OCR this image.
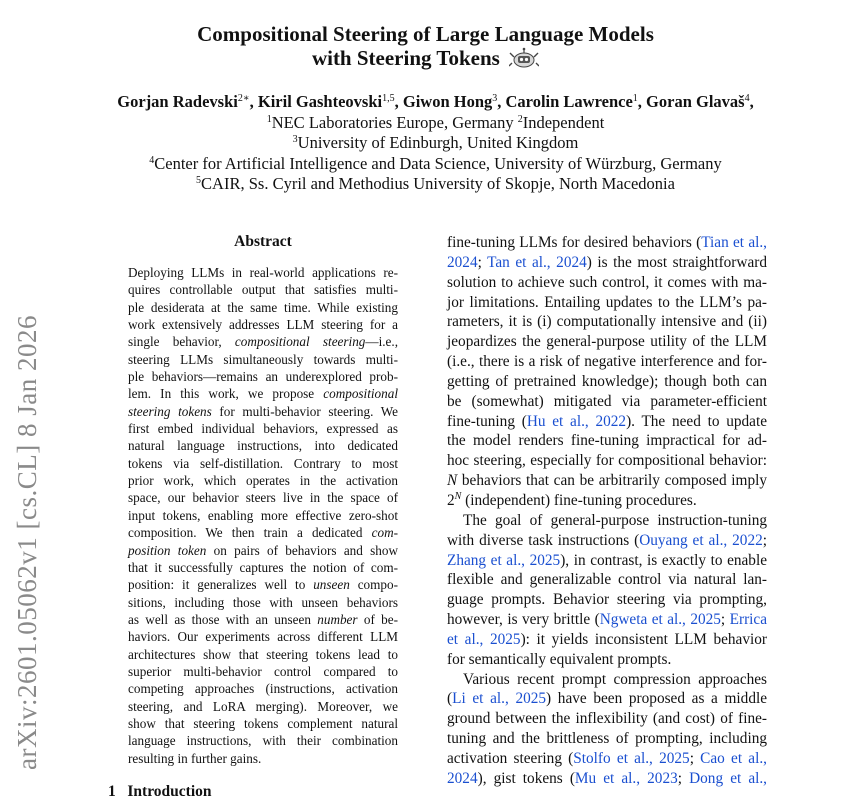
arXiv:2601.05062v1 [cs.CL] 8 Jan 2026
Compositional Steering of Large Language Models
with Steering Tokens
Gorjan Radevski$^{2∗}$, Kiril Gashteovski$^{1,5}$, Giwon Hong$^3$, Carolin Lawrence$^1$, Goran Glavaš$^4$,
$^1$NEC Laboratories Europe, Germany $^2$Independent
$^3$University of Edinburgh, United Kingdom
$^4$Center for Artificial Intelligence and Data Science, University of Würzburg, Germany
$^5$CAIR, Ss. Cyril and Methodius University of Skopje, North Macedonia
Abstract
Deploying LLMs in real-world applications re-
quires controllable output that satisfies multi-
ple desiderata at the same time. While existing
work extensively addresses LLM steering for a
single behavior, compositional steering—i.e.,
steering LLMs simultaneously towards multi-
ple behaviors—remains an underexplored prob-
lem. In this work, we propose compositional
steering tokens for multi-behavior steering. We
first embed individual behaviors, expressed as
natural language instructions, into dedicated
tokens via self-distillation. Contrary to most
prior work, which operates in the activation
space, our behavior steers live in the space of
input tokens, enabling more effective zero-shot
composition. We then train a dedicated com-
position token on pairs of behaviors and show
that it successfully captures the notion of com-
position: it generalizes well to unseen compo-
sitions, including those with unseen behaviors
as well as those with an unseen number of be-
haviors. Our experiments across different LLM
architectures show that steering tokens lead to
superior multi-behavior control compared to
competing approaches (instructions, activation
steering, and LoRA merging). Moreover, we
show that steering tokens complement natural
language instructions, with their combination
resulting in further gains.
1 Introduction
fine-tuning LLMs for desired behaviors (Tian et al.,
2024; Tan et al., 2024) is the most straightforward
solution to achieve such control, it comes with ma-
jor limitations. Entailing updates to the LLM’s pa-
rameters, it is (i) computationally intensive and (ii)
jeopardizes the general-purpose utility of the LLM
(i.e., there is a risk of negative interference and for-
getting of pretrained knowledge); though both can
be (somewhat) mitigated via parameter-efficient
fine-tuning (Hu et al., 2022). The need to update
the model renders fine-tuning impractical for ad-
hoc steering, especially for compositional behavior:
N behaviors that can be arbitrarily composed imply
$2^N$ (independent) fine-tuning procedures.
The goal of general-purpose instruction-tuning
with diverse task instructions (Ouyang et al., 2022;
Zhang et al., 2025), in contrast, is exactly to enable
flexible and generalizable control via natural lan-
guage prompts. Behavior steering via prompting,
however, is very brittle (Ngweta et al., 2025; Errica
et al., 2025): it yields inconsistent LLM behavior
for semantically equivalent prompts.
Various recent prompt compression approaches
(Li et al., 2025) have been proposed as a middle
ground between the inflexibility (and cost) of fine-
tuning and the brittleness of prompting, including
activation steering (Stolfo et al., 2025; Cao et al.,
2024), gist tokens (Mu et al., 2023; Dong et al.,
